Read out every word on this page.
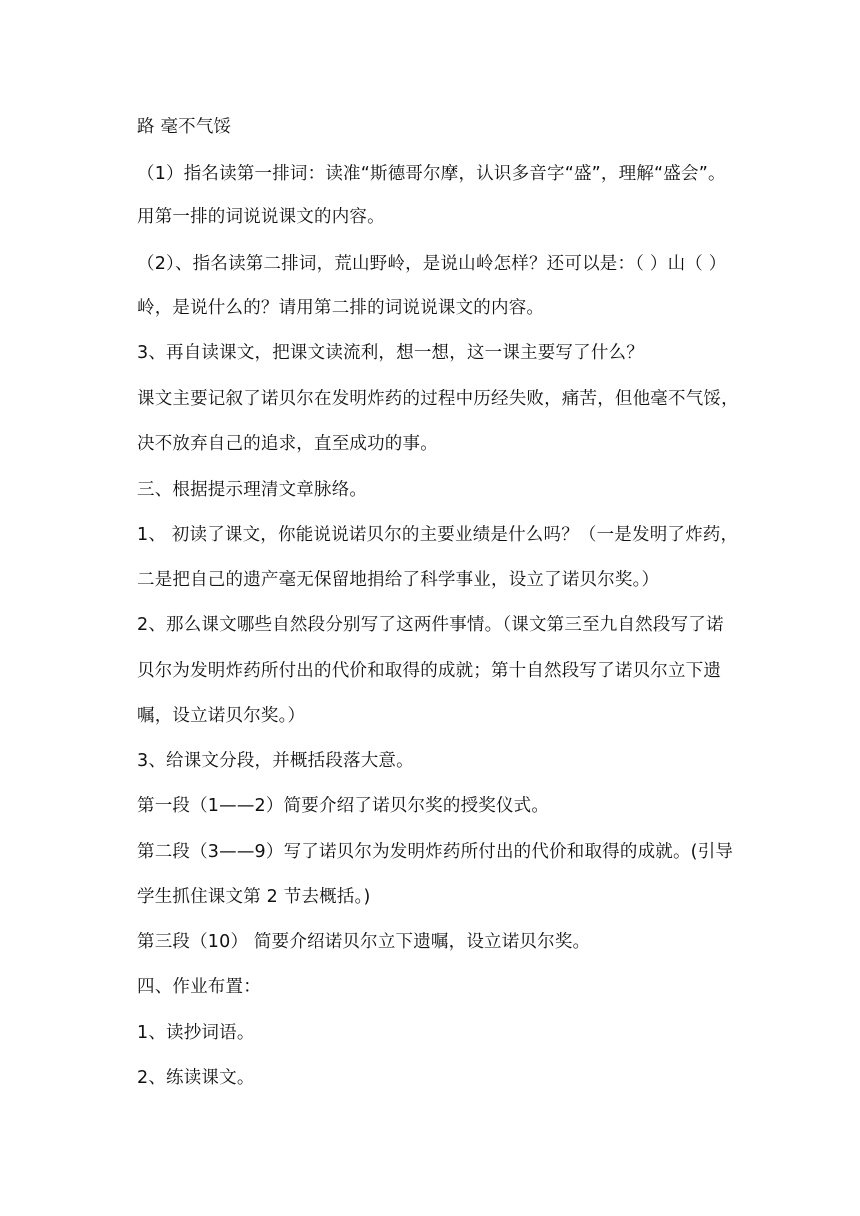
路 毫不气馁
（1）指名读第一排词：读准“斯德哥尔摩，认识多音字“盛”，理解“盛会”。
用第一排的词说说课文的内容。
（2）、指名读第二排词，荒山野岭，是说山岭怎样？还可以是：（ ）山（ ）
岭，是说什么的？请用第二排的词说说课文的内容。
3、再自读课文，把课文读流利，想一想，这一课主要写了什么？
课文主要记叙了诺贝尔在发明炸药的过程中历经失败，痛苦，但他毫不气馁，
决不放弃自己的追求，直至成功的事。
三、根据提示理清文章脉络。
1、 初读了课文，你能说说诺贝尔的主要业绩是什么吗？（一是发明了炸药，
二是把自己的遗产毫无保留地捐给了科学事业，设立了诺贝尔奖。）
2、那么课文哪些自然段分别写了这两件事情。（课文第三至九自然段写了诺
贝尔为发明炸药所付出的代价和取得的成就；第十自然段写了诺贝尔立下遗
嘱，设立诺贝尔奖。）
3、给课文分段，并概括段落大意。
第一段（1——2）简要介绍了诺贝尔奖的授奖仪式。
第二段（3——9）写了诺贝尔为发明炸药所付出的代价和取得的成就。(引导
学生抓住课文第 2 节去概括。)
第三段（10） 简要介绍诺贝尔立下遗嘱，设立诺贝尔奖。
四、作业布置：
1、读抄词语。
2、练读课文。
